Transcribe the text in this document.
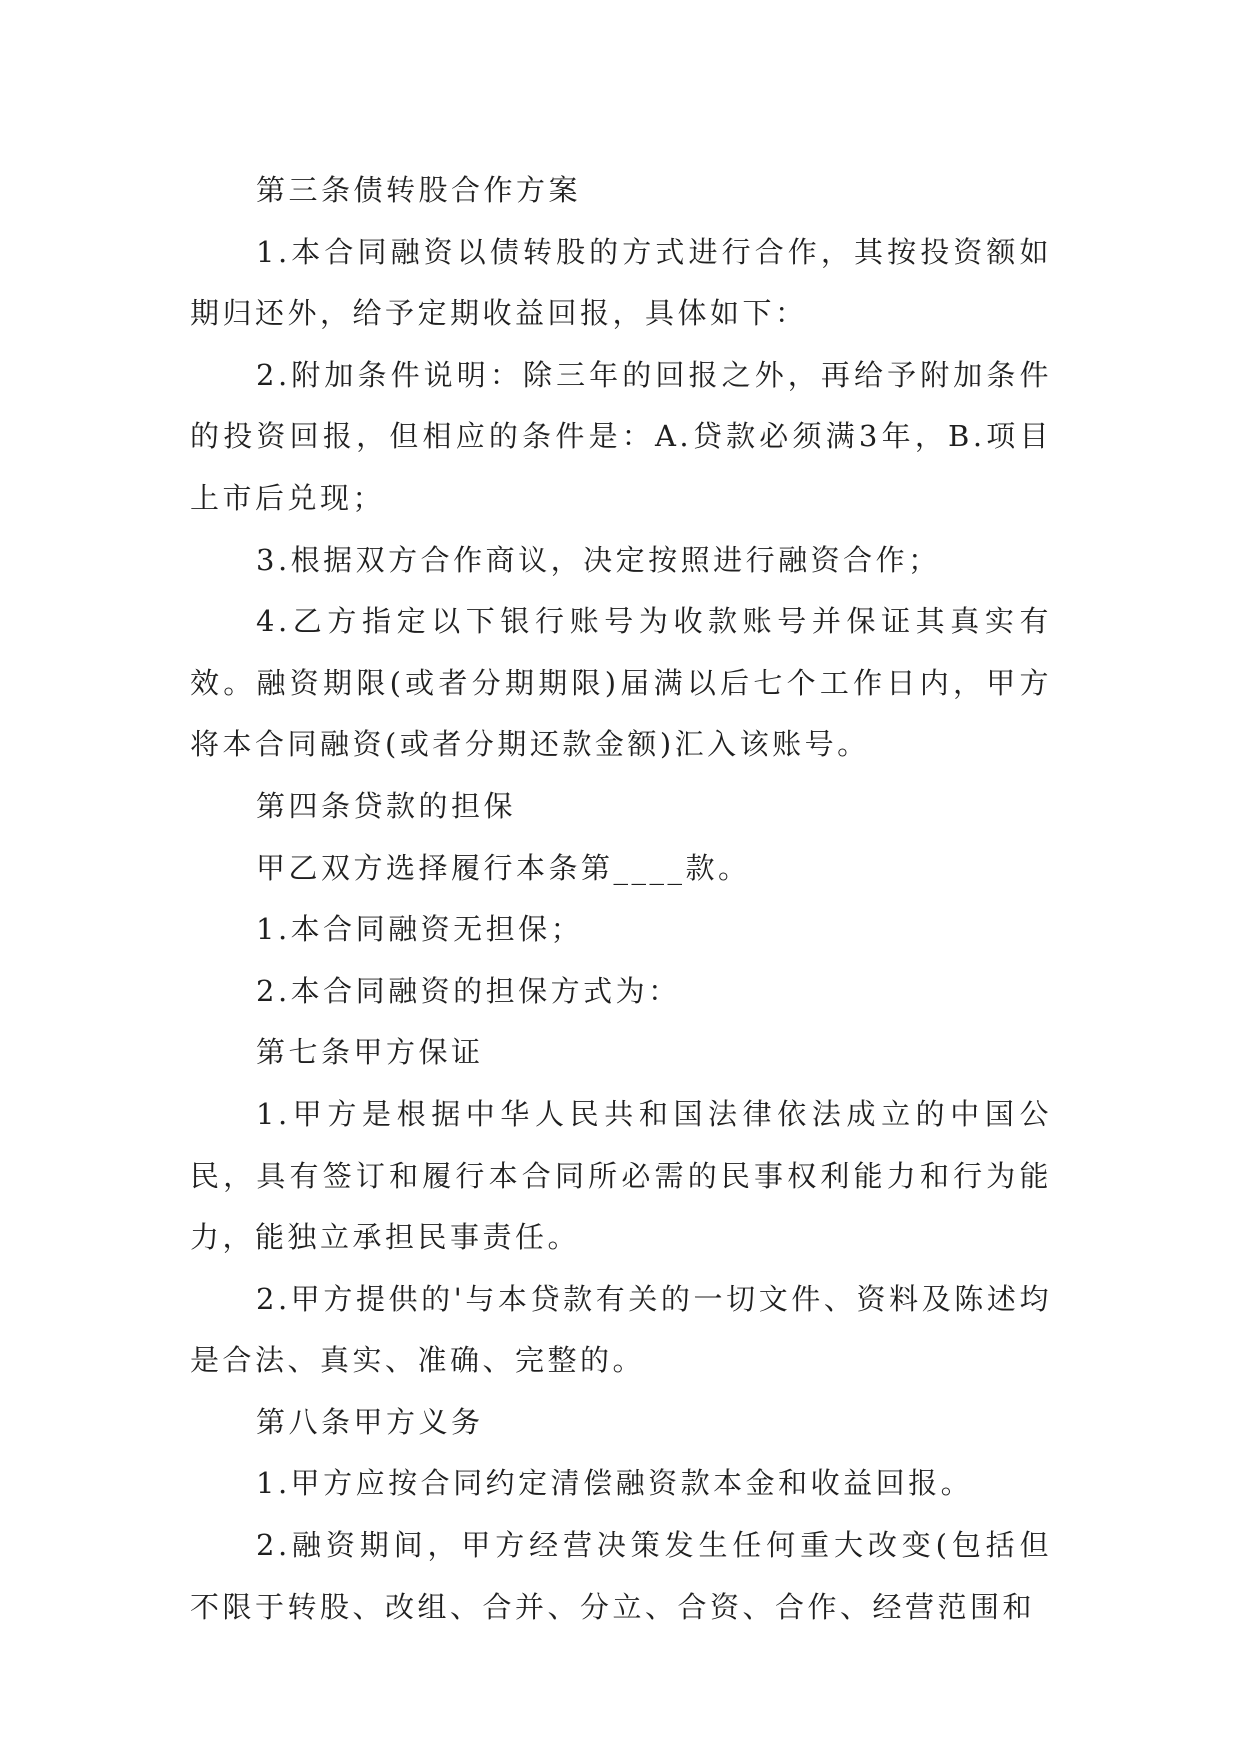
第三条债转股合作方案

1.本合同融资以债转股的方式进行合作，其按投资额如期归还外，给予定期收益回报，具体如下：

2.附加条件说明：除三年的回报之外，再给予附加条件的投资回报，但相应的条件是：A.贷款必须满3年，B.项目上市后兑现；

3.根据双方合作商议，决定按照进行融资合作；

4.乙方指定以下银行账号为收款账号并保证其真实有效。融资期限(或者分期期限)届满以后七个工作日内，甲方将本合同融资(或者分期还款金额)汇入该账号。

第四条贷款的担保

甲乙双方选择履行本条第____款。

1.本合同融资无担保；

2.本合同融资的担保方式为：

第七条甲方保证

1.甲方是根据中华人民共和国法律依法成立的中国公民，具有签订和履行本合同所必需的民事权利能力和行为能力，能独立承担民事责任。

2.甲方提供的'与本贷款有关的一切文件、资料及陈述均是合法、真实、准确、完整的。

第八条甲方义务

1.甲方应按合同约定清偿融资款本金和收益回报。

2.融资期间，甲方经营决策发生任何重大改变(包括但不限于转股、改组、合并、分立、合资、合作、经营范围和
